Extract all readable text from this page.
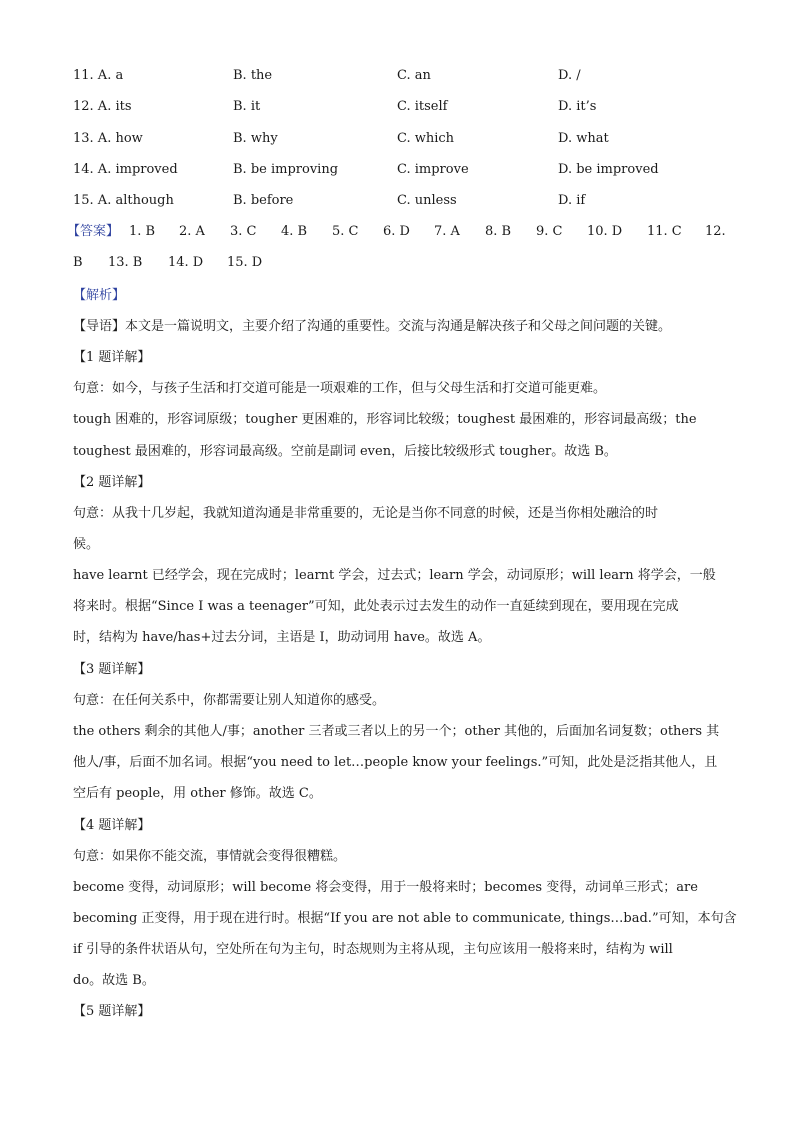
11. A. a	B. the	C. an	D. /
12. A. its	B. it	C. itself	D. it’s
13. A. how	B. why	C. which	D. what
14. A. improved	B. be improving	C. improve	D. be improved
15. A. although	B. before	C. unless	D. if
【答案】 1. B 2. A 3. C 4. B 5. C 6. D 7. A 8. B 9. C 10. D 11. C 12.
B 13. B 14. D 15. D
【解析】
【导语】本文是一篇说明文，主要介绍了沟通的重要性。交流与沟通是解决孩子和父母之间问题的关键。
【1 题详解】
句意：如今，与孩子生活和打交道可能是一项艰难的工作，但与父母生活和打交道可能更难。
tough 困难的，形容词原级；tougher 更困难的，形容词比较级；toughest 最困难的，形容词最高级；the
toughest 最困难的，形容词最高级。空前是副词 even，后接比较级形式 tougher。故选 B。
【2 题详解】
句意：从我十几岁起，我就知道沟通是非常重要的，无论是当你不同意的时候，还是当你相处融洽的时
候。
have learnt 已经学会，现在完成时；learnt 学会，过去式；learn 学会，动词原形；will learn 将学会，一般
将来时。根据“Since I was a teenager”可知，此处表示过去发生的动作一直延续到现在，要用现在完成
时，结构为 have/has+过去分词，主语是 I，助动词用 have。故选 A。
【3 题详解】
句意：在任何关系中，你都需要让别人知道你的感受。
the others 剩余的其他人/事；another 三者或三者以上的另一个；other 其他的，后面加名词复数；others 其
他人/事，后面不加名词。根据“you need to let…people know your feelings.”可知，此处是泛指其他人，且
空后有 people，用 other 修饰。故选 C。
【4 题详解】
句意：如果你不能交流，事情就会变得很糟糕。
become 变得，动词原形；will become 将会变得，用于一般将来时；becomes 变得，动词单三形式；are
becoming 正变得，用于现在进行时。根据“If you are not able to communicate, things…bad.”可知，本句含
if 引导的条件状语从句，空处所在句为主句，时态规则为主将从现，主句应该用一般将来时，结构为 will
do。故选 B。
【5 题详解】
